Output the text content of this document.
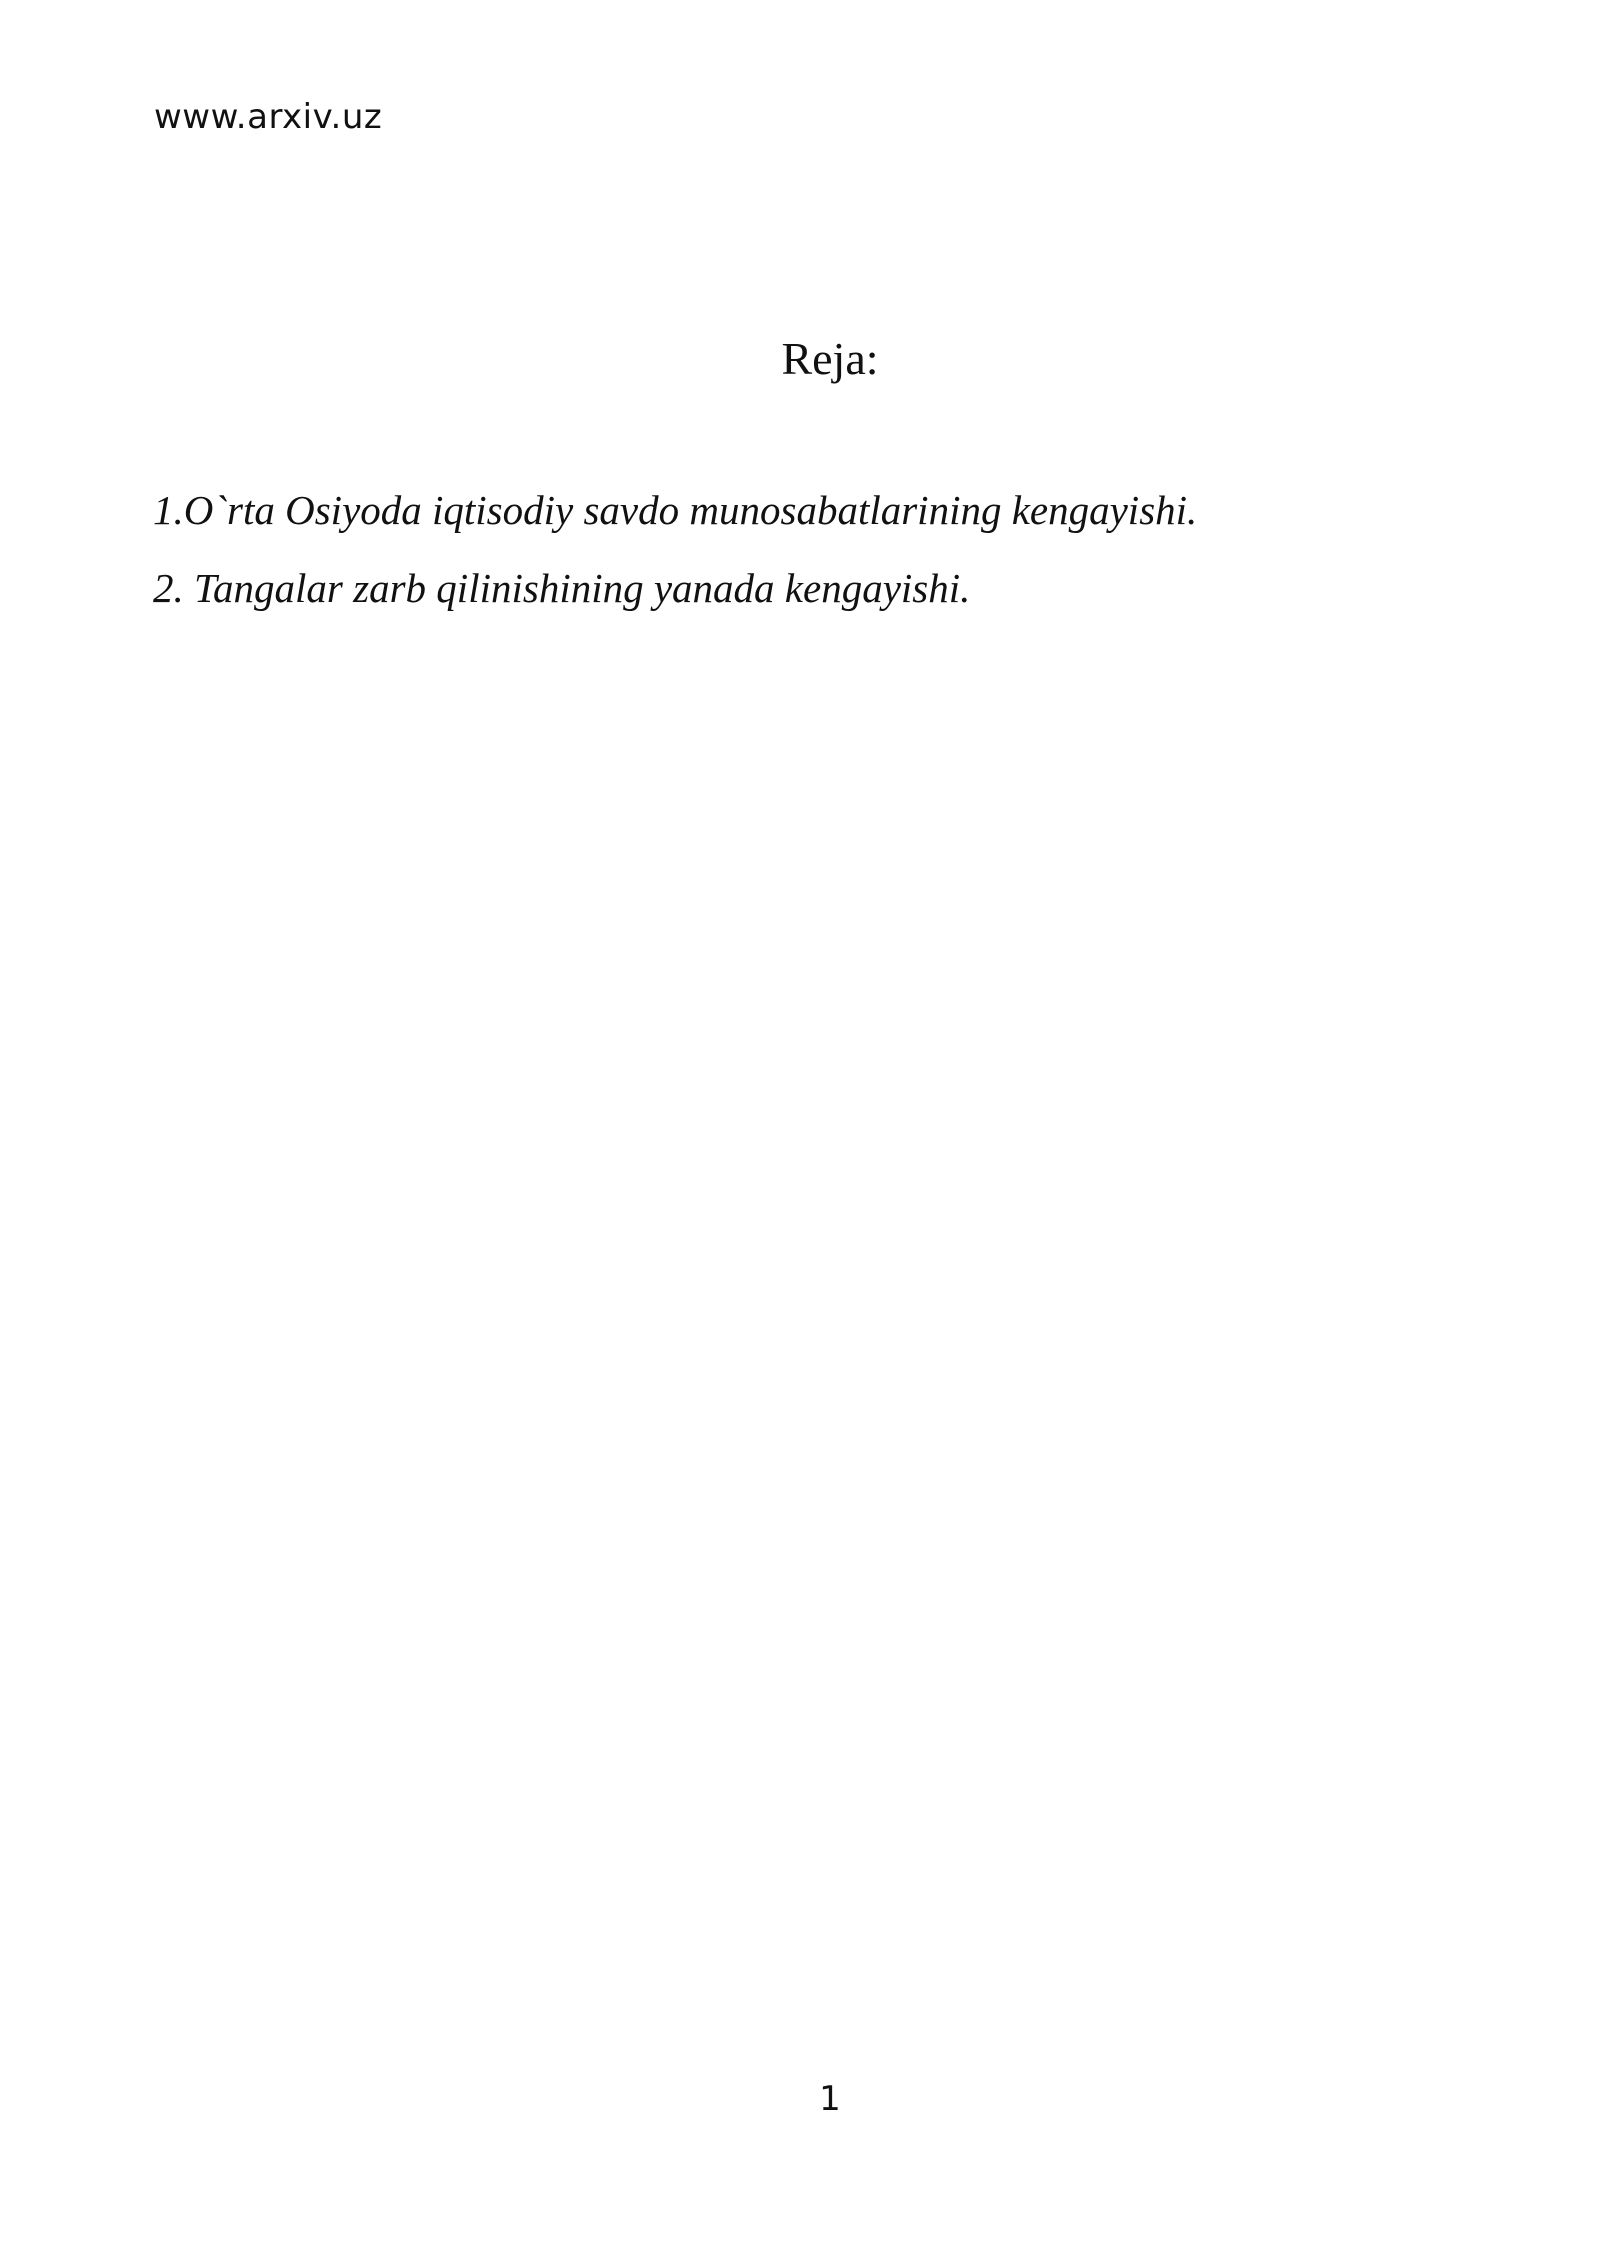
www.arxiv.uz
Reja:
1.O`rta Osiyoda iqtisodiy savdo munosabatlarining kengayishi.
2. Tangalar zarb qilinishining yanada kengayishi.
1
